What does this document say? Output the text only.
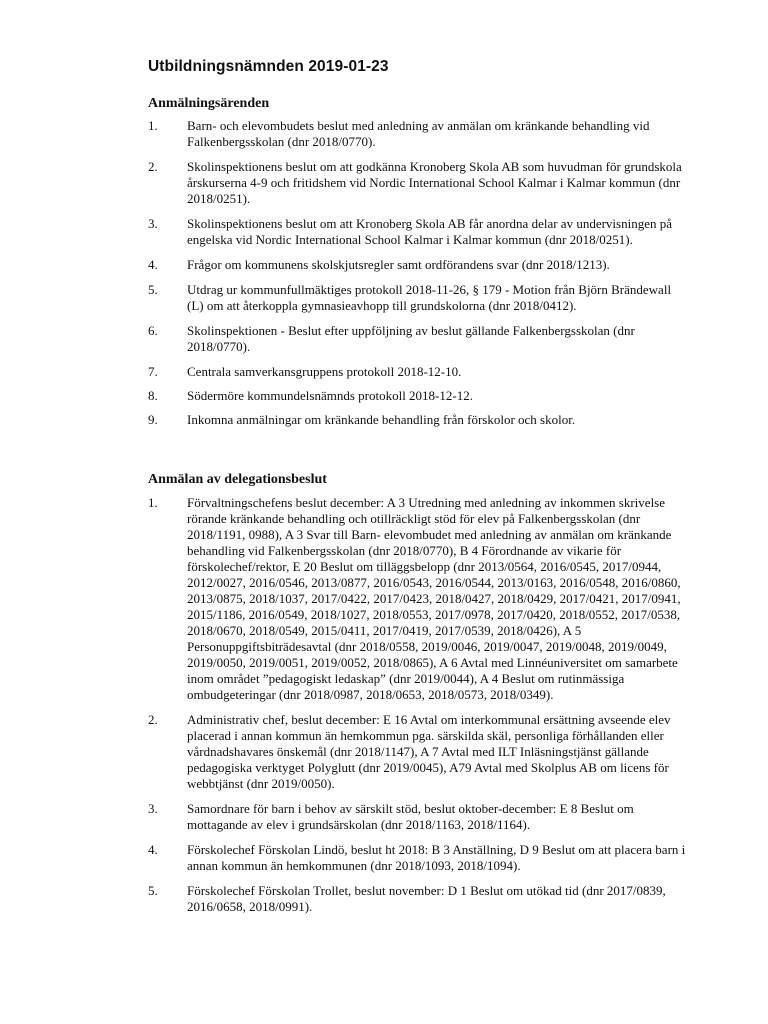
Utbildningsnämnden 2019-01-23
Anmälningsärenden
1.	Barn- och elevombudets beslut med anledning av anmälan om kränkande behandling vid Falkenbergsskolan (dnr 2018/0770).
2.	Skolinspektionens beslut om att godkänna Kronoberg Skola AB som huvudman för grundskola årskurserna 4-9 och fritidshem vid Nordic International School Kalmar i Kalmar kommun (dnr 2018/0251).
3.	Skolinspektionens beslut om att Kronoberg Skola AB får anordna delar av undervisningen på engelska vid Nordic International School Kalmar i Kalmar kommun (dnr 2018/0251).
4.	Frågor om kommunens skolskjutsregler samt ordförandens svar (dnr 2018/1213).
5.	Utdrag ur kommunfullmäktiges protokoll 2018-11-26, § 179 - Motion från Björn Brändewall (L) om att återkoppla gymnasieavhopp till grundskolorna (dnr 2018/0412).
6.	Skolinspektionen - Beslut efter uppföljning av beslut gällande Falkenbergsskolan (dnr 2018/0770).
7.	Centrala samverkansgruppens protokoll 2018-12-10.
8.	Södermöre kommundelsnämnds protokoll 2018-12-12.
9.	Inkomna anmälningar om kränkande behandling från förskolor och skolor.
Anmälan av delegationsbeslut
1.	Förvaltningschefens beslut december: A 3 Utredning med anledning av inkommen skrivelse rörande kränkande behandling och otillräckligt stöd för elev på Falkenbergsskolan (dnr 2018/1191, 0988), A 3 Svar till Barn- elevombudet med anledning av anmälan om kränkande behandling vid Falkenbergsskolan (dnr 2018/0770), B 4 Förordnande av vikarie för förskolechef/rektor, E 20 Beslut om tilläggsbelopp (dnr 2013/0564, 2016/0545, 2017/0944, 2012/0027, 2016/0546, 2013/0877, 2016/0543, 2016/0544, 2013/0163, 2016/0548, 2016/0860, 2013/0875, 2018/1037, 2017/0422, 2017/0423, 2018/0427, 2018/0429, 2017/0421, 2017/0941, 2015/1186, 2016/0549, 2018/1027, 2018/0553, 2017/0978, 2017/0420, 2018/0552, 2017/0538, 2018/0670, 2018/0549, 2015/0411, 2017/0419, 2017/0539, 2018/0426), A 5 Personuppgiftsbiträdesavtal (dnr 2018/0558, 2019/0046, 2019/0047, 2019/0048, 2019/0049, 2019/0050, 2019/0051, 2019/0052, 2018/0865), A 6 Avtal med Linnéuniversitet om samarbete inom området ”pedagogiskt ledaskap” (dnr 2019/0044), A 4 Beslut om rutinmässiga ombudgeteringar (dnr 2018/0987, 2018/0653, 2018/0573, 2018/0349).
2.	Administrativ chef, beslut december: E 16 Avtal om interkommunal ersättning avseende elev placerad i annan kommun än hemkommun pga. särskilda skäl, personliga förhållanden eller vårdnadshavares önskemål (dnr 2018/1147), A 7 Avtal med ILT Inläsningstjänst gällande pedagogiska verktyget Polyglutt (dnr 2019/0045), A79 Avtal med Skolplus AB om licens för webbtjänst (dnr 2019/0050).
3.	Samordnare för barn i behov av särskilt stöd, beslut oktober-december: E 8 Beslut om mottagande av elev i grundsärskolan (dnr 2018/1163, 2018/1164).
4.	Förskolechef Förskolan Lindö, beslut ht 2018: B 3 Anställning, D 9 Beslut om att placera barn i annan kommun än hemkommunen (dnr 2018/1093, 2018/1094).
5.	Förskolechef Förskolan Trollet, beslut november: D 1 Beslut om utökad tid (dnr 2017/0839, 2016/0658, 2018/0991).
